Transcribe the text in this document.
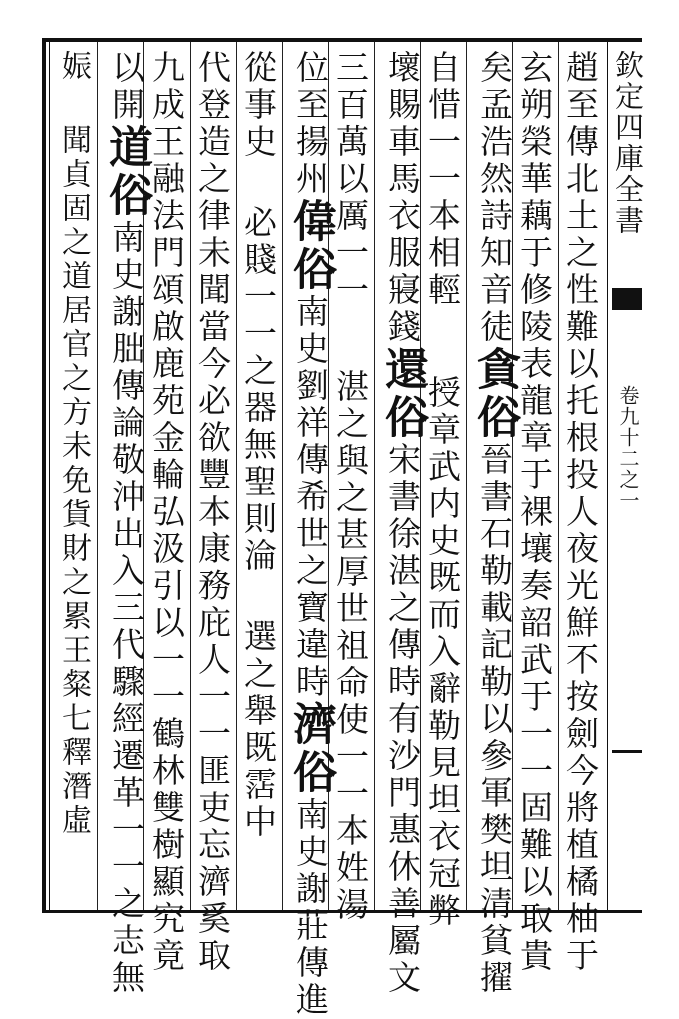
欽定四庫全書
卷九十二之一
趙至傳北土之性難以托根投人夜光鮮不按劍今將植橘柚于
玄朔榮華藕于修陵表龍章于裸壤奏韶武于一一固難以取貴
矣孟浩然詩知音徒貪俗晉書石勒載記勒以參軍樊坦清貧擢
自惜一一本相輕授章武内史既而入辭勒見坦衣冠弊
壞賜車馬衣服寢錢還俗宋書徐湛之傳時有沙門惠休善屬文
三百萬以厲一一湛之與之甚厚世祖命使一一本姓湯
位至揚州偉俗南史劉祥傳希世之寶違時濟俗南史謝莊傳進
從事史必賤一一之器無聖則淪選之舉既霑中
代登造之律未聞當今必欲豐本康務庇人一一匪吏忘濟奚取
九成王融法門頌啟鹿苑金輪弘汲引以一一鶴林雙樹顯究竟
以開道俗南史謝朏傳論敬沖出入三代驟經遷革一一之志無
娠聞貞固之道居官之方未免貨財之累王粲七釋潛虛
